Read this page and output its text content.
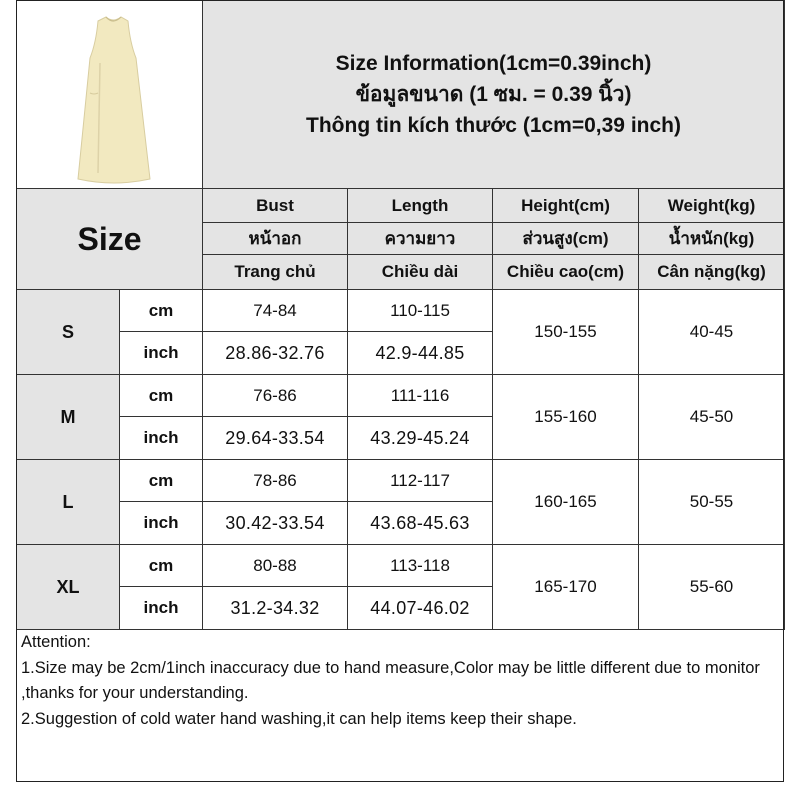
Size Information(1cm=0.39inch)
ข้อมูลขนาด (1 ซม. = 0.39 นิ้ว)
Thông tin kích thước (1cm=0,39 inch)			

Size		Bust	Length	Height(cm)	Weight(kg)
		หน้าอก	ความยาว	ส่วนสูง(cm)	น้ำหนัก(kg)
		Trang chủ	Chiều dài	Chiều cao(cm)	Cân nặng(kg)
S	cm	74-84	110-115	150-155	40-45
	inch	28.86-32.76	42.9-44.85		
M	cm	76-86	111-116	155-160	45-50
	inch	29.64-33.54	43.29-45.24		
L	cm	78-86	112-117	160-165	50-55
	inch	30.42-33.54	43.68-45.63		
XL	cm	80-88	113-118	165-170	55-60
	inch	31.2-34.32	44.07-46.02		
Attention:
1.Size may be 2cm/1inch inaccuracy due to hand measure,Color may be little different due to monitor ,thanks for your understanding.
2.Suggestion of cold water hand washing,it can help items keep their shape.
